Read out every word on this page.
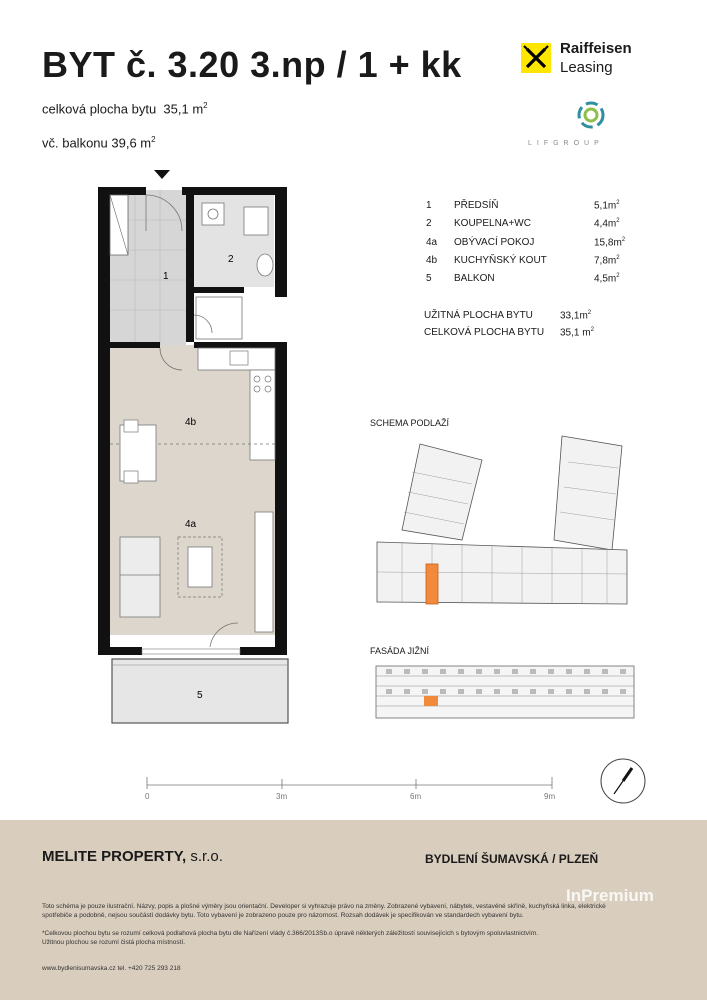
BYT č. 3.20 3.np / 1 + kk
celková plocha bytu 35,1 $m^2$
vč. balkonu 39,6 $m^2$
Raiffeisen
Leasing
LIFGROUP
1	PŘEDSÍŇ	$5,1m^2$
2	KOUPELNA+WC	$4,4m^2$
4a	OBÝVACÍ POKOJ	$15,8m^2$
4b	KUCHYŇSKÝ KOUT	$7,8m^2$
5	BALKON	$4,5m^2$
UŽITNÁ PLOCHA BYTU	$33,1m^2$
CELKOVÁ PLOCHA BYTU 35,1 $m^2$
1
2
4b
4a
5
SCHEMA PODLAŽÍ
FASÁDA JIŽNÍ
0	3m	6m	9m
MELITE PROPERTY, s.r.o.	BYDLENÍ ŠUMAVSKÁ / PLZEŇ
InPremium
Toto schéma je pouze ilustrační. Názvy, popis a plošné výměry jsou orientační. Developer si vyhrazuje právo na změny. Zobrazené vybavení, nábytek, vestavěné skříně, kuchyňská linka, elektrické
spotřebiče a podobně, nejsou součástí dodávky bytu. Toto vybavení je zobrazeno pouze pro názornost. Rozsah dodávek je specifikován ve standardech vybavení bytu.
*Celkovou plochou bytu se rozumí celková podlahová plocha bytu dle Nařízení vlády č.366/2013Sb.o úpravě některých záležitostí souvisejících s bytovým spoluvlastnictvím.
Užitnou plochou se rozumí čistá plocha místností.
www.bydlenisumavska.cz tel. +420 725 293 218
